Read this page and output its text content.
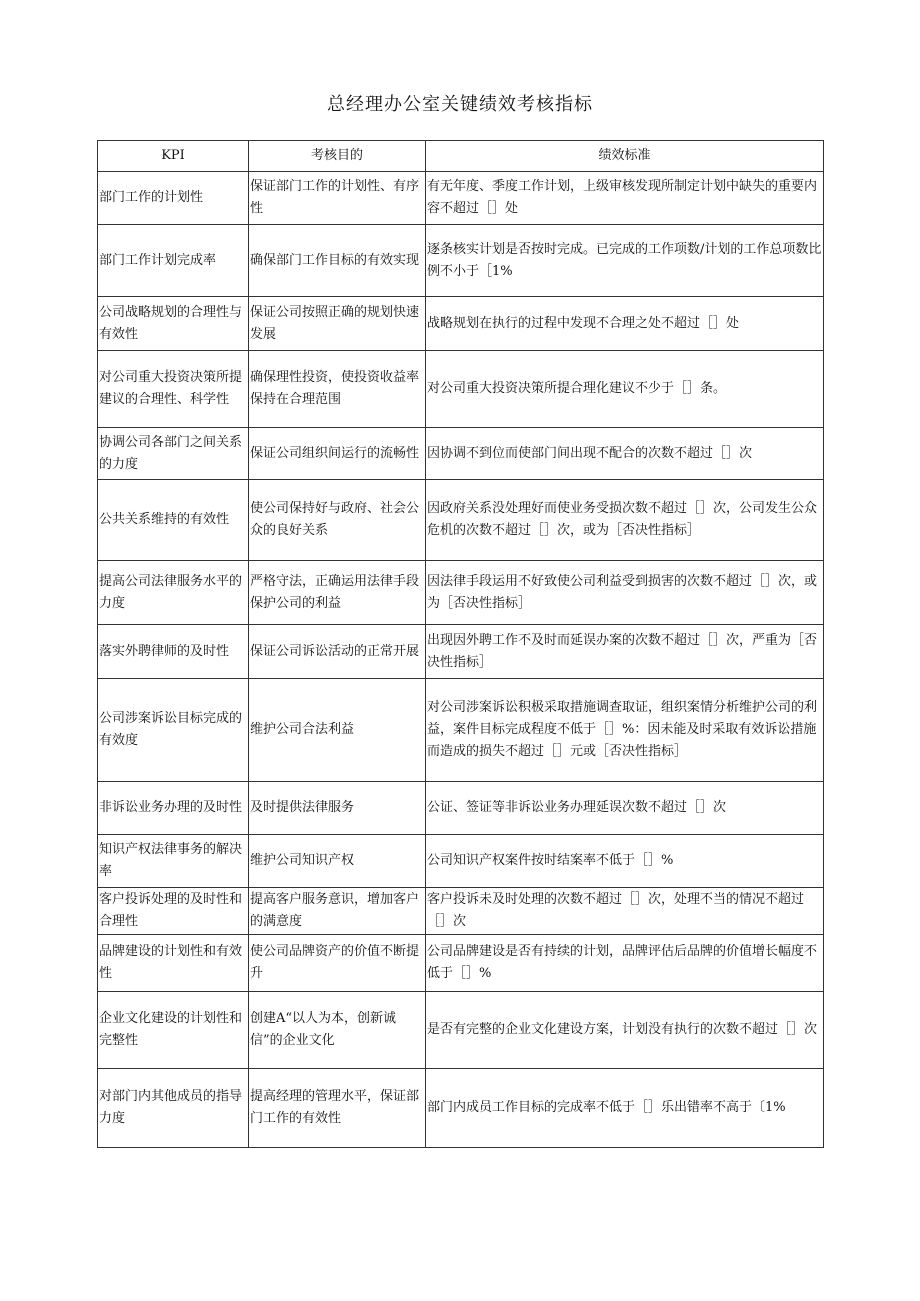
总经理办公室关键绩效考核指标
KPI	考核目的	绩效标准
部门工作的计划性	保证部门工作的计划性、有序性	有无年度、季度工作计划，上级审核发现所制定计划中缺失的重要内容不超过［］处
部门工作计划完成率	确保部门工作目标的有效实现	逐条核实计划是否按时完成。已完成的工作项数/计划的工作总项数比例不小于［1%
公司战略规划的合理性与有效性	保证公司按照正确的规划快速发展	战略规划在执行的过程中发现不合理之处不超过［］处
对公司重大投资决策所提建议的合理性、科学性	确保理性投资，使投资收益率保持在合理范围	对公司重大投资决策所提合理化建议不少于［］条。
协调公司各部门之间关系的力度	保证公司组织间运行的流畅性	因协调不到位而使部门间出现不配合的次数不超过［］次
公共关系维持的有效性	使公司保持好与政府、社会公众的良好关系	因政府关系没处理好而使业务受损次数不超过［］次，公司发生公众危机的次数不超过［］次，或为［否决性指标］
提高公司法律服务水平的力度	严格守法，正确运用法律手段保护公司的利益	因法律手段运用不好致使公司利益受到损害的次数不超过［］次，或为［否决性指标］
落实外聘律师的及时性	保证公司诉讼活动的正常开展	出现因外聘工作不及时而延误办案的次数不超过［］次，严重为［否决性指标］
公司涉案诉讼目标完成的有效度	维护公司合法利益	对公司涉案诉讼积极采取措施调查取证，组织案情分析维护公司的利益，案件目标完成程度不低于［］%：因未能及时采取有效诉讼措施而造成的损失不超过［］元或［否决性指标］
非诉讼业务办理的及时性	及时提供法律服务	公证、签证等非诉讼业务办理延误次数不超过［］次
知识产权法律事务的解决率	维护公司知识产权	公司知识产权案件按时结案率不低于［］%
客户投诉处理的及时性和合理性	提高客户服务意识，增加客户的满意度	客户投诉未及时处理的次数不超过［］次，处理不当的情况不超过［］次
品牌建设的计划性和有效性	使公司品牌资产的价值不断提升	公司品牌建设是否有持续的计划，品牌评估后品牌的价值增长幅度不低于［］%
企业文化建设的计划性和完整性	创建A“以人为本，创新诚信”的企业文化	是否有完整的企业文化建设方案，计划没有执行的次数不超过［］次
对部门内其他成员的指导力度	提高经理的管理水平，保证部门工作的有效性	部门内成员工作目标的完成率不低于［］乐出错率不高于〔1%
